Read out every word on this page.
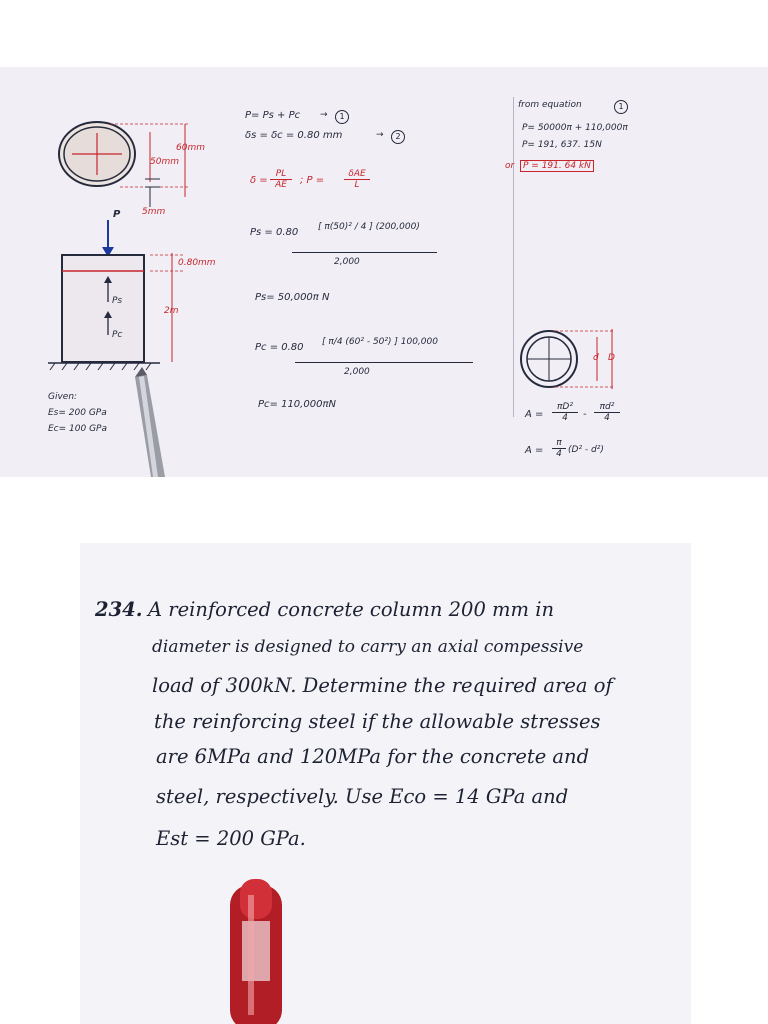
60mm
50mm
5mm
P
0.80mm
2m
Ps
Pc
Given:
Es= 200 GPa
Ec= 100 GPa
P= Ps + Pc →	1
δs = δc = 0.80 mm	→	2
$\delta = \frac{PL}{AE}$ ; P =
δAE
L
Ps = 0.80 [ π(50)² / 4 ] (200,000)
2,000
Ps= 50,000π N
Pc = 0.80 [ π/4 (60² - 50²) ] 100,000
2,000
Pc= 110,000πN
from equation	1
P= 50000π + 110,000π
P= 191, 637. 15N
or P = 191. 64 kN
d D
$A = \frac{\text{πD²}}{4} - \frac{\text{πd²}}{4}$
$A = \frac{\pi}{4} (D^2 - d^2)$
234. A reinforced concrete column 200 mm in
diameter is designed to carry an axial compessive
load of 300kN. Determine the required area of
the reinforcing steel if the allowable stresses
are 6MPa and 120MPa for the concrete and
steel, respectively. Use Eco = 14 GPa and
Est = 200 GPa.
